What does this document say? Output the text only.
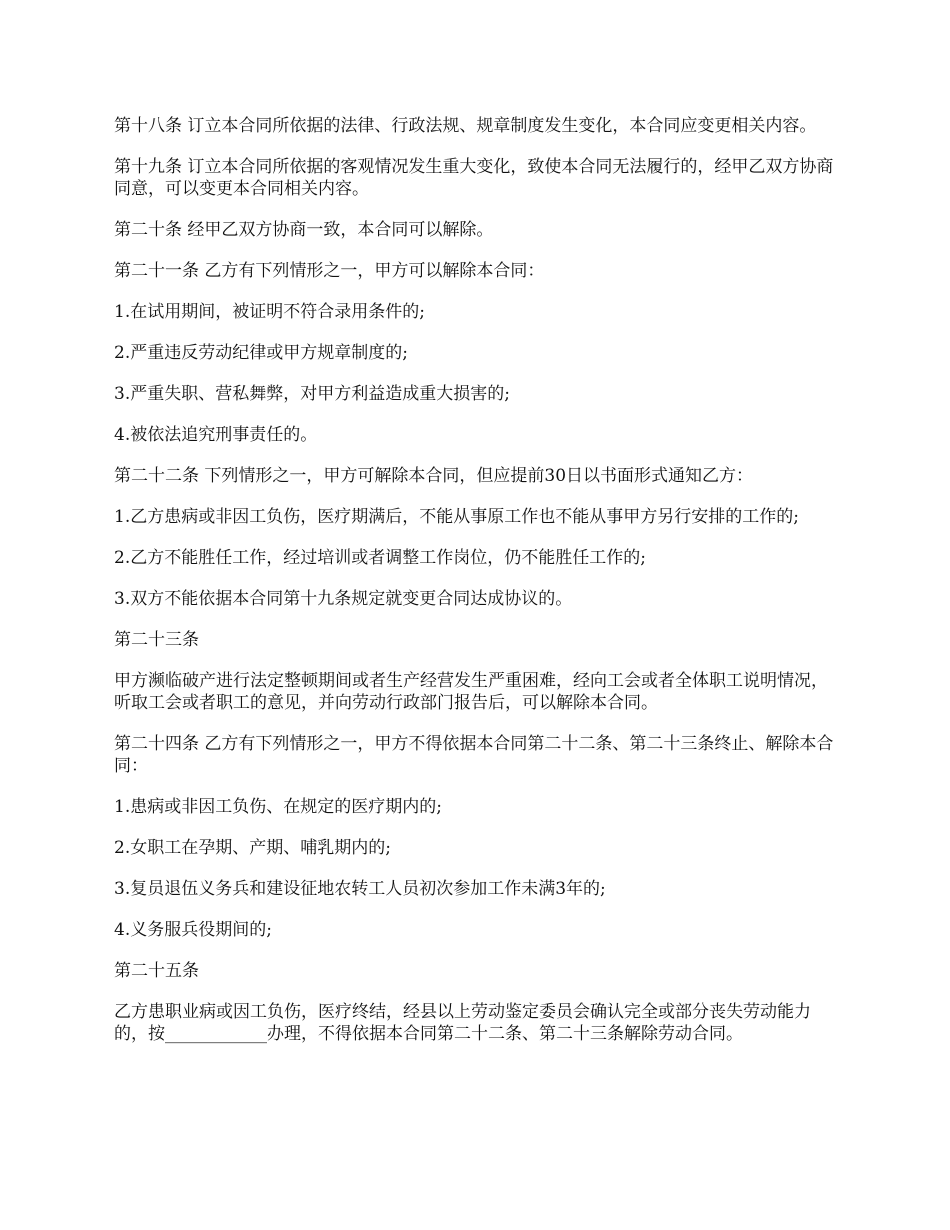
第十八条 订立本合同所依据的法律、行政法规、规章制度发生变化，本合同应变更相关内容。

第十九条 订立本合同所依据的客观情况发生重大变化，致使本合同无法履行的，经甲乙双方协商同意，可以变更本合同相关内容。

第二十条 经甲乙双方协商一致，本合同可以解除。

第二十一条 乙方有下列情形之一，甲方可以解除本合同：

1.在试用期间，被证明不符合录用条件的;

2.严重违反劳动纪律或甲方规章制度的;

3.严重失职、营私舞弊，对甲方利益造成重大损害的;

4.被依法追究刑事责任的。

第二十二条 下列情形之一，甲方可解除本合同，但应提前30日以书面形式通知乙方：

1.乙方患病或非因工负伤，医疗期满后，不能从事原工作也不能从事甲方另行安排的工作的;

2.乙方不能胜任工作，经过培训或者调整工作岗位，仍不能胜任工作的;

3.双方不能依据本合同第十九条规定就变更合同达成协议的。

第二十三条

甲方濒临破产进行法定整顿期间或者生产经营发生严重困难，经向工会或者全体职工说明情况，听取工会或者职工的意见，并向劳动行政部门报告后，可以解除本合同。

第二十四条 乙方有下列情形之一，甲方不得依据本合同第二十二条、第二十三条终止、解除本合同：

1.患病或非因工负伤、在规定的医疗期内的;

2.女职工在孕期、产期、哺乳期内的;

3.复员退伍义务兵和建设征地农转工人员初次参加工作未满3年的;

4.义务服兵役期间的;

第二十五条

乙方患职业病或因工负伤，医疗终结，经县以上劳动鉴定委员会确认完全或部分丧失劳动能力的，按____________办理，不得依据本合同第二十二条、第二十三条解除劳动合同。
